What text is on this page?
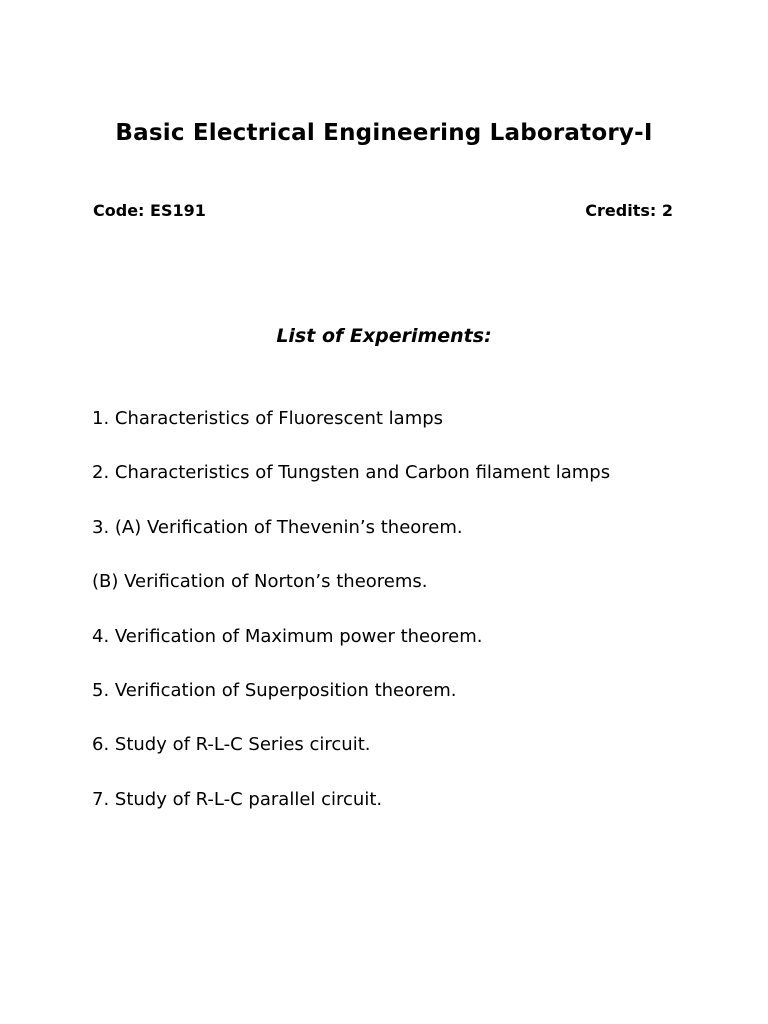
Basic Electrical Engineering Laboratory-I
Code: ES191	Credits: 2
List of Experiments:
1. Characteristics of Fluorescent lamps
2. Characteristics of Tungsten and Carbon filament lamps
3. (A) Verification of Thevenin’s theorem.
(B) Verification of Norton’s theorems.
4. Verification of Maximum power theorem.
5. Verification of Superposition theorem.
6. Study of R-L-C Series circuit.
7. Study of R-L-C parallel circuit.
